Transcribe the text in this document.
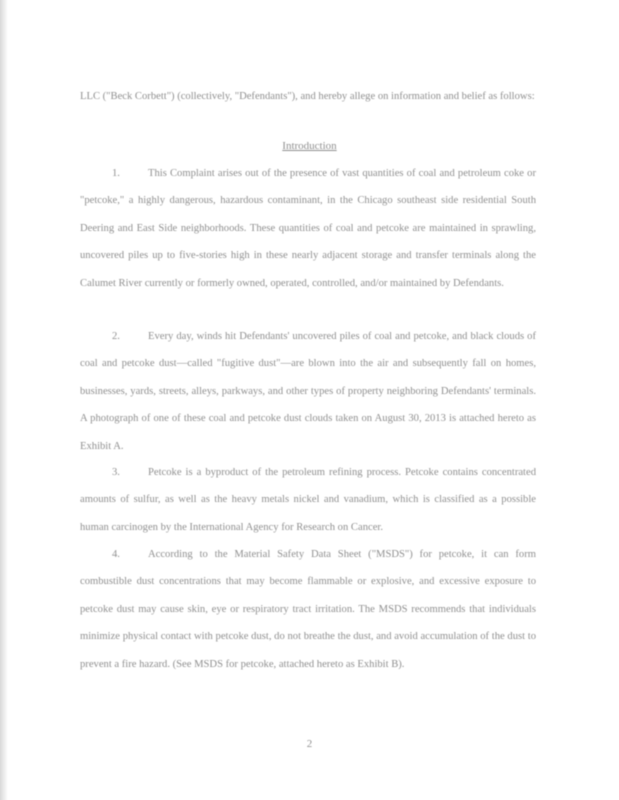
LLC ("Beck Corbett") (collectively, "Defendants"), and hereby allege on information and belief as follows:

Introduction

1.	This Complaint arises out of the presence of vast quantities of coal and petroleum coke or "petcoke," a highly dangerous, hazardous contaminant, in the Chicago southeast side residential South Deering and East Side neighborhoods. These quantities of coal and petcoke are maintained in sprawling, uncovered piles up to five-stories high in these nearly adjacent storage and transfer terminals along the Calumet River currently or formerly owned, operated, controlled, and/or maintained by Defendants.

2.	Every day, winds hit Defendants' uncovered piles of coal and petcoke, and black clouds of coal and petcoke dust—called "fugitive dust"—are blown into the air and subsequently fall on homes, businesses, yards, streets, alleys, parkways, and other types of property neighboring Defendants' terminals. A photograph of one of these coal and petcoke dust clouds taken on August 30, 2013 is attached hereto as Exhibit A.

3.	Petcoke is a byproduct of the petroleum refining process. Petcoke contains concentrated amounts of sulfur, as well as the heavy metals nickel and vanadium, which is classified as a possible human carcinogen by the International Agency for Research on Cancer.

4.	According to the Material Safety Data Sheet ("MSDS") for petcoke, it can form combustible dust concentrations that may become flammable or explosive, and excessive exposure to petcoke dust may cause skin, eye or respiratory tract irritation. The MSDS recommends that individuals minimize physical contact with petcoke dust, do not breathe the dust, and avoid accumulation of the dust to prevent a fire hazard. (See MSDS for petcoke, attached hereto as Exhibit B).

2
